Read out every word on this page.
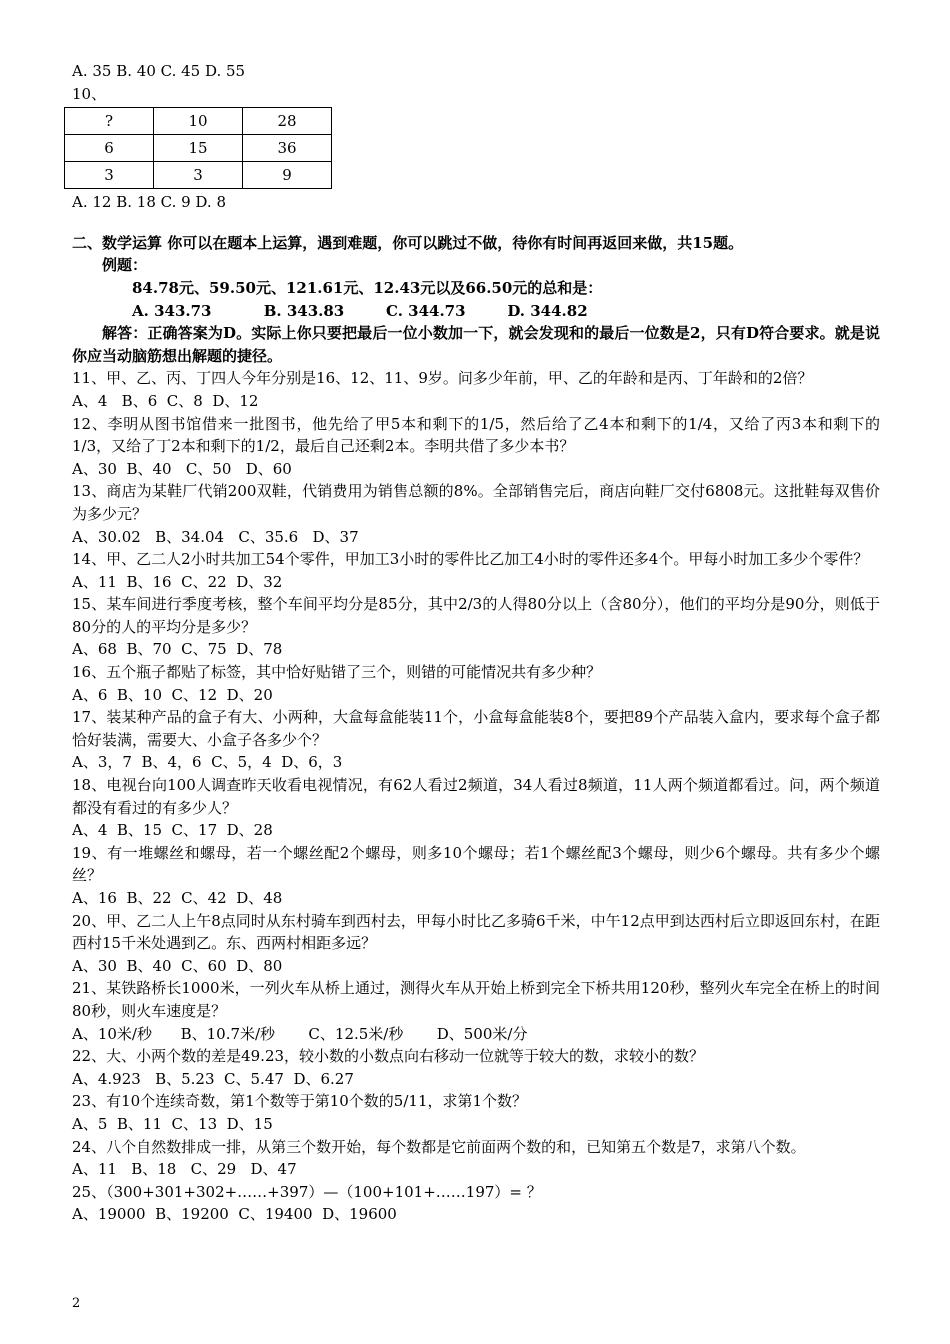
A. 35 B. 40 C. 45 D. 55
10、
?	10	28
6	15	36
3	3	9
A. 12 B. 18 C. 9 D. 8
二、数学运算 你可以在题本上运算，遇到难题，你可以跳过不做，待你有时间再返回来做，共15题。
例题：
84.78元、59.50元、121.61元、12.43元以及66.50元的总和是：
A. 343.73          B. 343.83        C. 344.73        D. 344.82
解答：正确答案为D。实际上你只要把最后一位小数加一下，就会发现和的最后一位数是2，只有D符合要求。就是说你应当动脑筋想出解题的捷径。
11、甲、乙、丙、丁四人今年分别是16、12、11、9岁。问多少年前，甲、乙的年龄和是丙、丁年龄和的2倍？
A、4   B、6  C、8  D、12
12、李明从图书馆借来一批图书，他先给了甲5本和剩下的1/5，然后给了乙4本和剩下的1/4，又给了丙3本和剩下的1/3，又给了丁2本和剩下的1/2，最后自己还剩2本。李明共借了多少本书？
A、30  B、40   C、50   D、60
13、商店为某鞋厂代销200双鞋，代销费用为销售总额的8%。全部销售完后，商店向鞋厂交付6808元。这批鞋每双售价为多少元？
A、30.02   B、34.04   C、35.6   D、37
14、甲、乙二人2小时共加工54个零件，甲加工3小时的零件比乙加工4小时的零件还多4个。甲每小时加工多少个零件？
A、11  B、16  C、22  D、32
15、某车间进行季度考核，整个车间平均分是85分，其中2/3的人得80分以上（含80分），他们的平均分是90分，则低于80分的人的平均分是多少？
A、68  B、70  C、75  D、78
16、五个瓶子都贴了标签，其中恰好贴错了三个，则错的可能情况共有多少种？
A、6  B、10  C、12  D、20
17、装某种产品的盒子有大、小两种，大盒每盒能装11个，小盒每盒能装8个，要把89个产品装入盒内，要求每个盒子都恰好装满，需要大、小盒子各多少个？
A、3，7  B、4，6  C、5，4  D、6，3
18、电视台向100人调查昨天收看电视情况，有62人看过2频道，34人看过8频道，11人两个频道都看过。问，两个频道都没有看过的有多少人？
A、4  B、15  C、17  D、28
19、有一堆螺丝和螺母，若一个螺丝配2个螺母，则多10个螺母；若1个螺丝配3个螺母，则少6个螺母。共有多少个螺丝？
A、16  B、22  C、42  D、48
20、甲、乙二人上午8点同时从东村骑车到西村去，甲每小时比乙多骑6千米，中午12点甲到达西村后立即返回东村，在距西村15千米处遇到乙。东、西两村相距多远？
A、30  B、40  C、60  D、80
21、某铁路桥长1000米，一列火车从桥上通过，测得火车从开始上桥到完全下桥共用120秒，整列火车完全在桥上的时间80秒，则火车速度是？
A、10米/秒      B、10.7米/秒       C、12.5米/秒       D、500米/分
22、大、小两个数的差是49.23，较小数的小数点向右移动一位就等于较大的数，求较小的数？
A、4.923   B、5.23  C、5.47  D、6.27
23、有10个连续奇数，第1个数等于第10个数的5/11，求第1个数？
A、5  B、11  C、13  D、15
24、八个自然数排成一排，从第三个数开始，每个数都是它前面两个数的和，已知第五个数是7，求第八个数。
A、11   B、18   C、29   D、47
25、（300+301+302+……+397）—（100+101+……197）= ？
A、19000  B、19200  C、19400  D、19600
2
